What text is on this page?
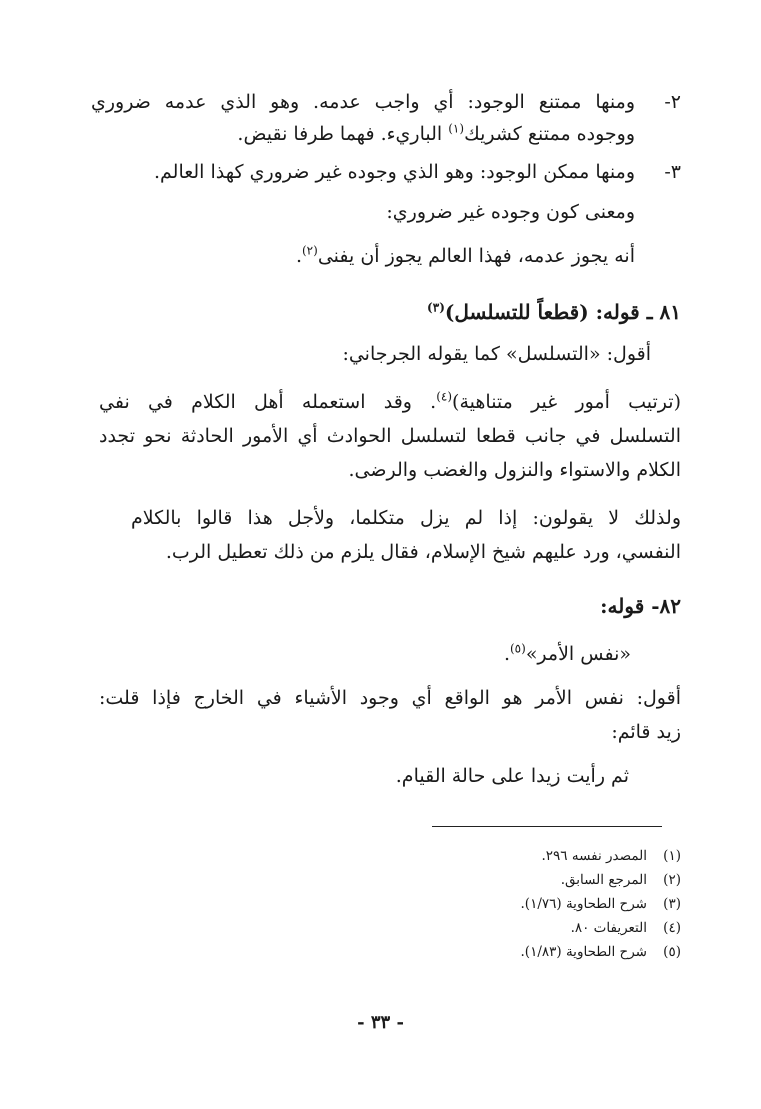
٢-ومنها ممتنع الوجود: أي واجب عدمه. وهو الذي عدمه ضروري
ووجوده ممتنع كشريك$^{(١)}$ الباريء. فهما طرفا نقيض.
٣-ومنها ممكن الوجود: وهو الذي وجوده غير ضروري كهذا العالم.
ومعنى كون وجوده غير ضروري:
أنه يجوز عدمه، فهذا العالم يجوز أن يفنى$^{(٢)}$.
٨١ ـ قوله: (قطعاً للتسلسل)$^{(٣)}$
أقول: «التسلسل» كما يقوله الجرجاني:
(ترتيب أمور غير متناهية)$^{(٤)}$. وقد استعمله أهل الكلام في نفي
التسلسل في جانب قطعا لتسلسل الحوادث أي الأمور الحادثة نحو تجدد
الكلام والاستواء والنزول والغضب والرضى.
ولذلك لا يقولون: إذا لم يزل متكلما، ولأجل هذا قالوا بالكلام
النفسي، ورد عليهم شيخ الإسلام، فقال يلزم من ذلك تعطيل الرب.
٨٢- قوله:
«نفس الأمر»$^{(٥)}$.
أقول: نفس الأمر هو الواقع أي وجود الأشياء في الخارج فإذا قلت:
زيد قائم:
ثم رأيت زيدا على حالة القيام.
(١)المصدر نفسه ٢٩٦.
(٢)المرجع السابق.
(٣)شرح الطحاوية (١/٧٦).
(٤)التعريفات ٨٠.
(٥)شرح الطحاوية (١/٨٣).
- ٣٣ -
